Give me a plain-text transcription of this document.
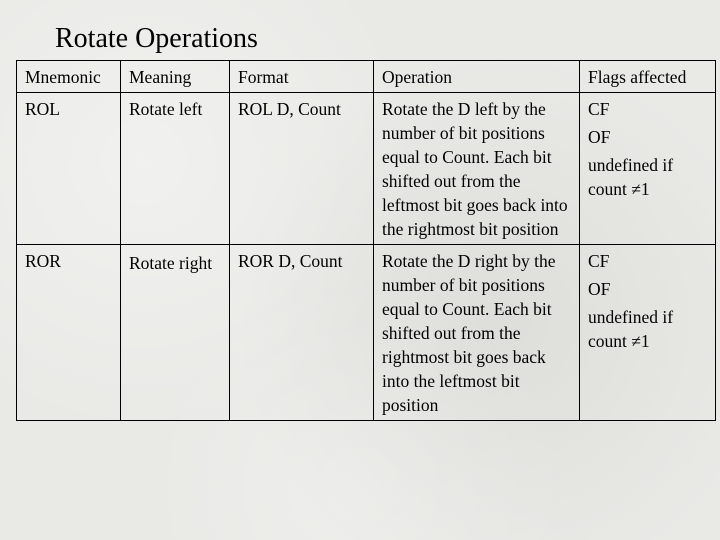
Rotate Operations
Mnemonic	Meaning	Format	Operation	Flags affected
ROL	Rotate left	ROL D, Count	Rotate the D left by the number of bit positions equal to Count. Each bit shifted out from the leftmost bit goes back into the rightmost bit position	CF
OF
undefined if count ≠1

ROR	Rotate right	ROR D, Count	Rotate the D right by the number of bit positions equal to Count. Each bit shifted out from the rightmost bit goes back into the leftmost bit position	CF
OF
undefined if count ≠1
